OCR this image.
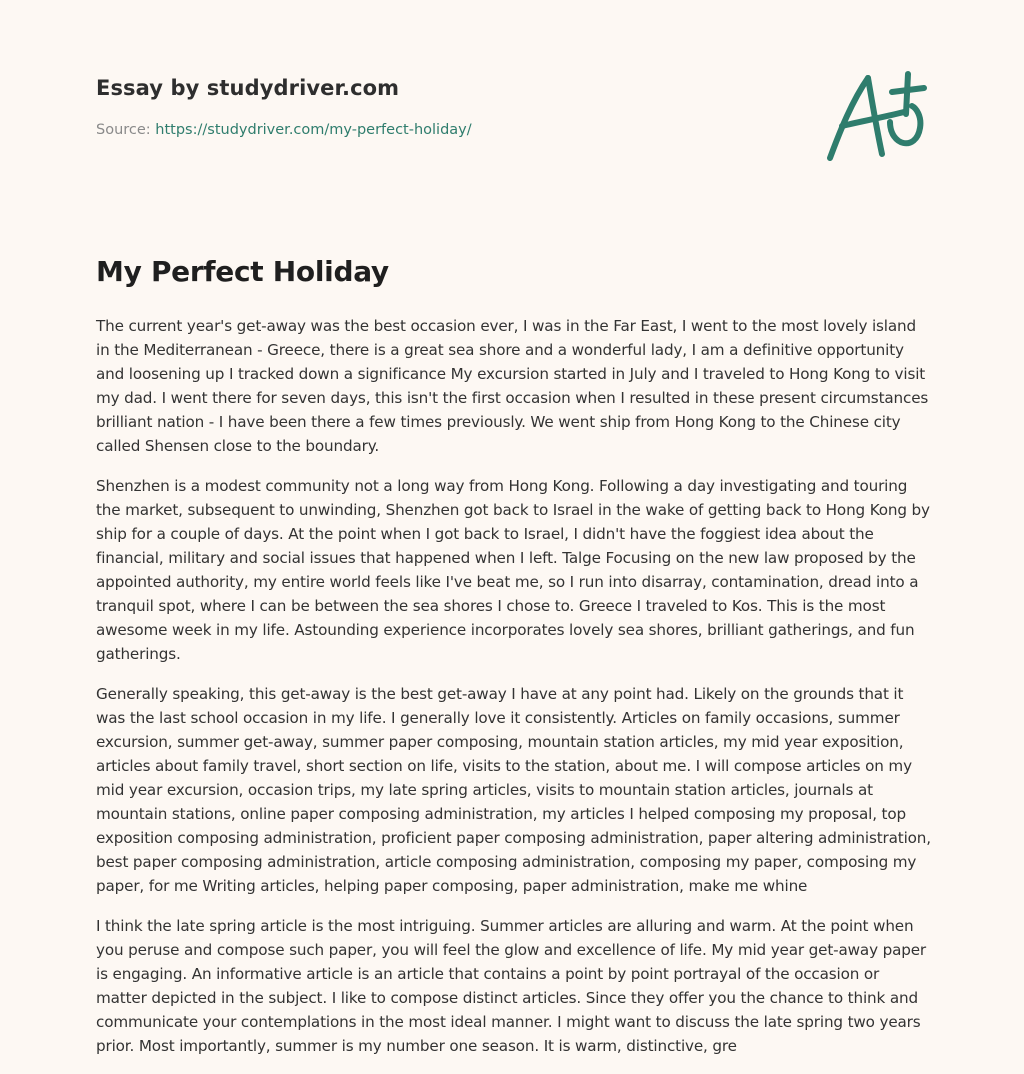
Essay by studydriver.com
Source: https://studydriver.com/my-perfect-holiday/
My Perfect Holiday

The current year's get-away was the best occasion ever, I was in the Far East, I went to the most lovely island in the Mediterranean - Greece, there is a great sea shore and a wonderful lady, I am a definitive opportunity and loosening up I tracked down a significance My excursion started in July and I traveled to Hong Kong to visit my dad. I went there for seven days, this isn't the first occasion when I resulted in these present circumstances brilliant nation - I have been there a few times previously. We went ship from Hong Kong to the Chinese city called Shensen close to the boundary.

Shenzhen is a modest community not a long way from Hong Kong. Following a day investigating and touring the market, subsequent to unwinding, Shenzhen got back to Israel in the wake of getting back to Hong Kong by ship for a couple of days. At the point when I got back to Israel, I didn't have the foggiest idea about the financial, military and social issues that happened when I left. Talge Focusing on the new law proposed by the appointed authority, my entire world feels like I've beat me, so I run into disarray, contamination, dread into a tranquil spot, where I can be between the sea shores I chose to. Greece I traveled to Kos. This is the most awesome week in my life. Astounding experience incorporates lovely sea shores, brilliant gatherings, and fun gatherings.

Generally speaking, this get-away is the best get-away I have at any point had. Likely on the grounds that it was the last school occasion in my life. I generally love it consistently. Articles on family occasions, summer excursion, summer get-away, summer paper composing, mountain station articles, my mid year exposition, articles about family travel, short section on life, visits to the station, about me. I will compose articles on my mid year excursion, occasion trips, my late spring articles, visits to mountain station articles, journals at mountain stations, online paper composing administration, my articles I helped composing my proposal, top exposition composing administration, proficient paper composing administration, paper altering administration, best paper composing administration, article composing administration, composing my paper, composing my paper, for me Writing articles, helping paper composing, paper administration, make me whine

I think the late spring article is the most intriguing. Summer articles are alluring and warm. At the point when you peruse and compose such paper, you will feel the glow and excellence of life. My mid year get-away paper is engaging. An informative article is an article that contains a point by point portrayal of the occasion or matter depicted in the subject. I like to compose distinct articles. Since they offer you the chance to think and communicate your contemplations in the most ideal manner. I might want to discuss the late spring two years prior. Most importantly, summer is my number one season. It is warm, distinctive, gre
